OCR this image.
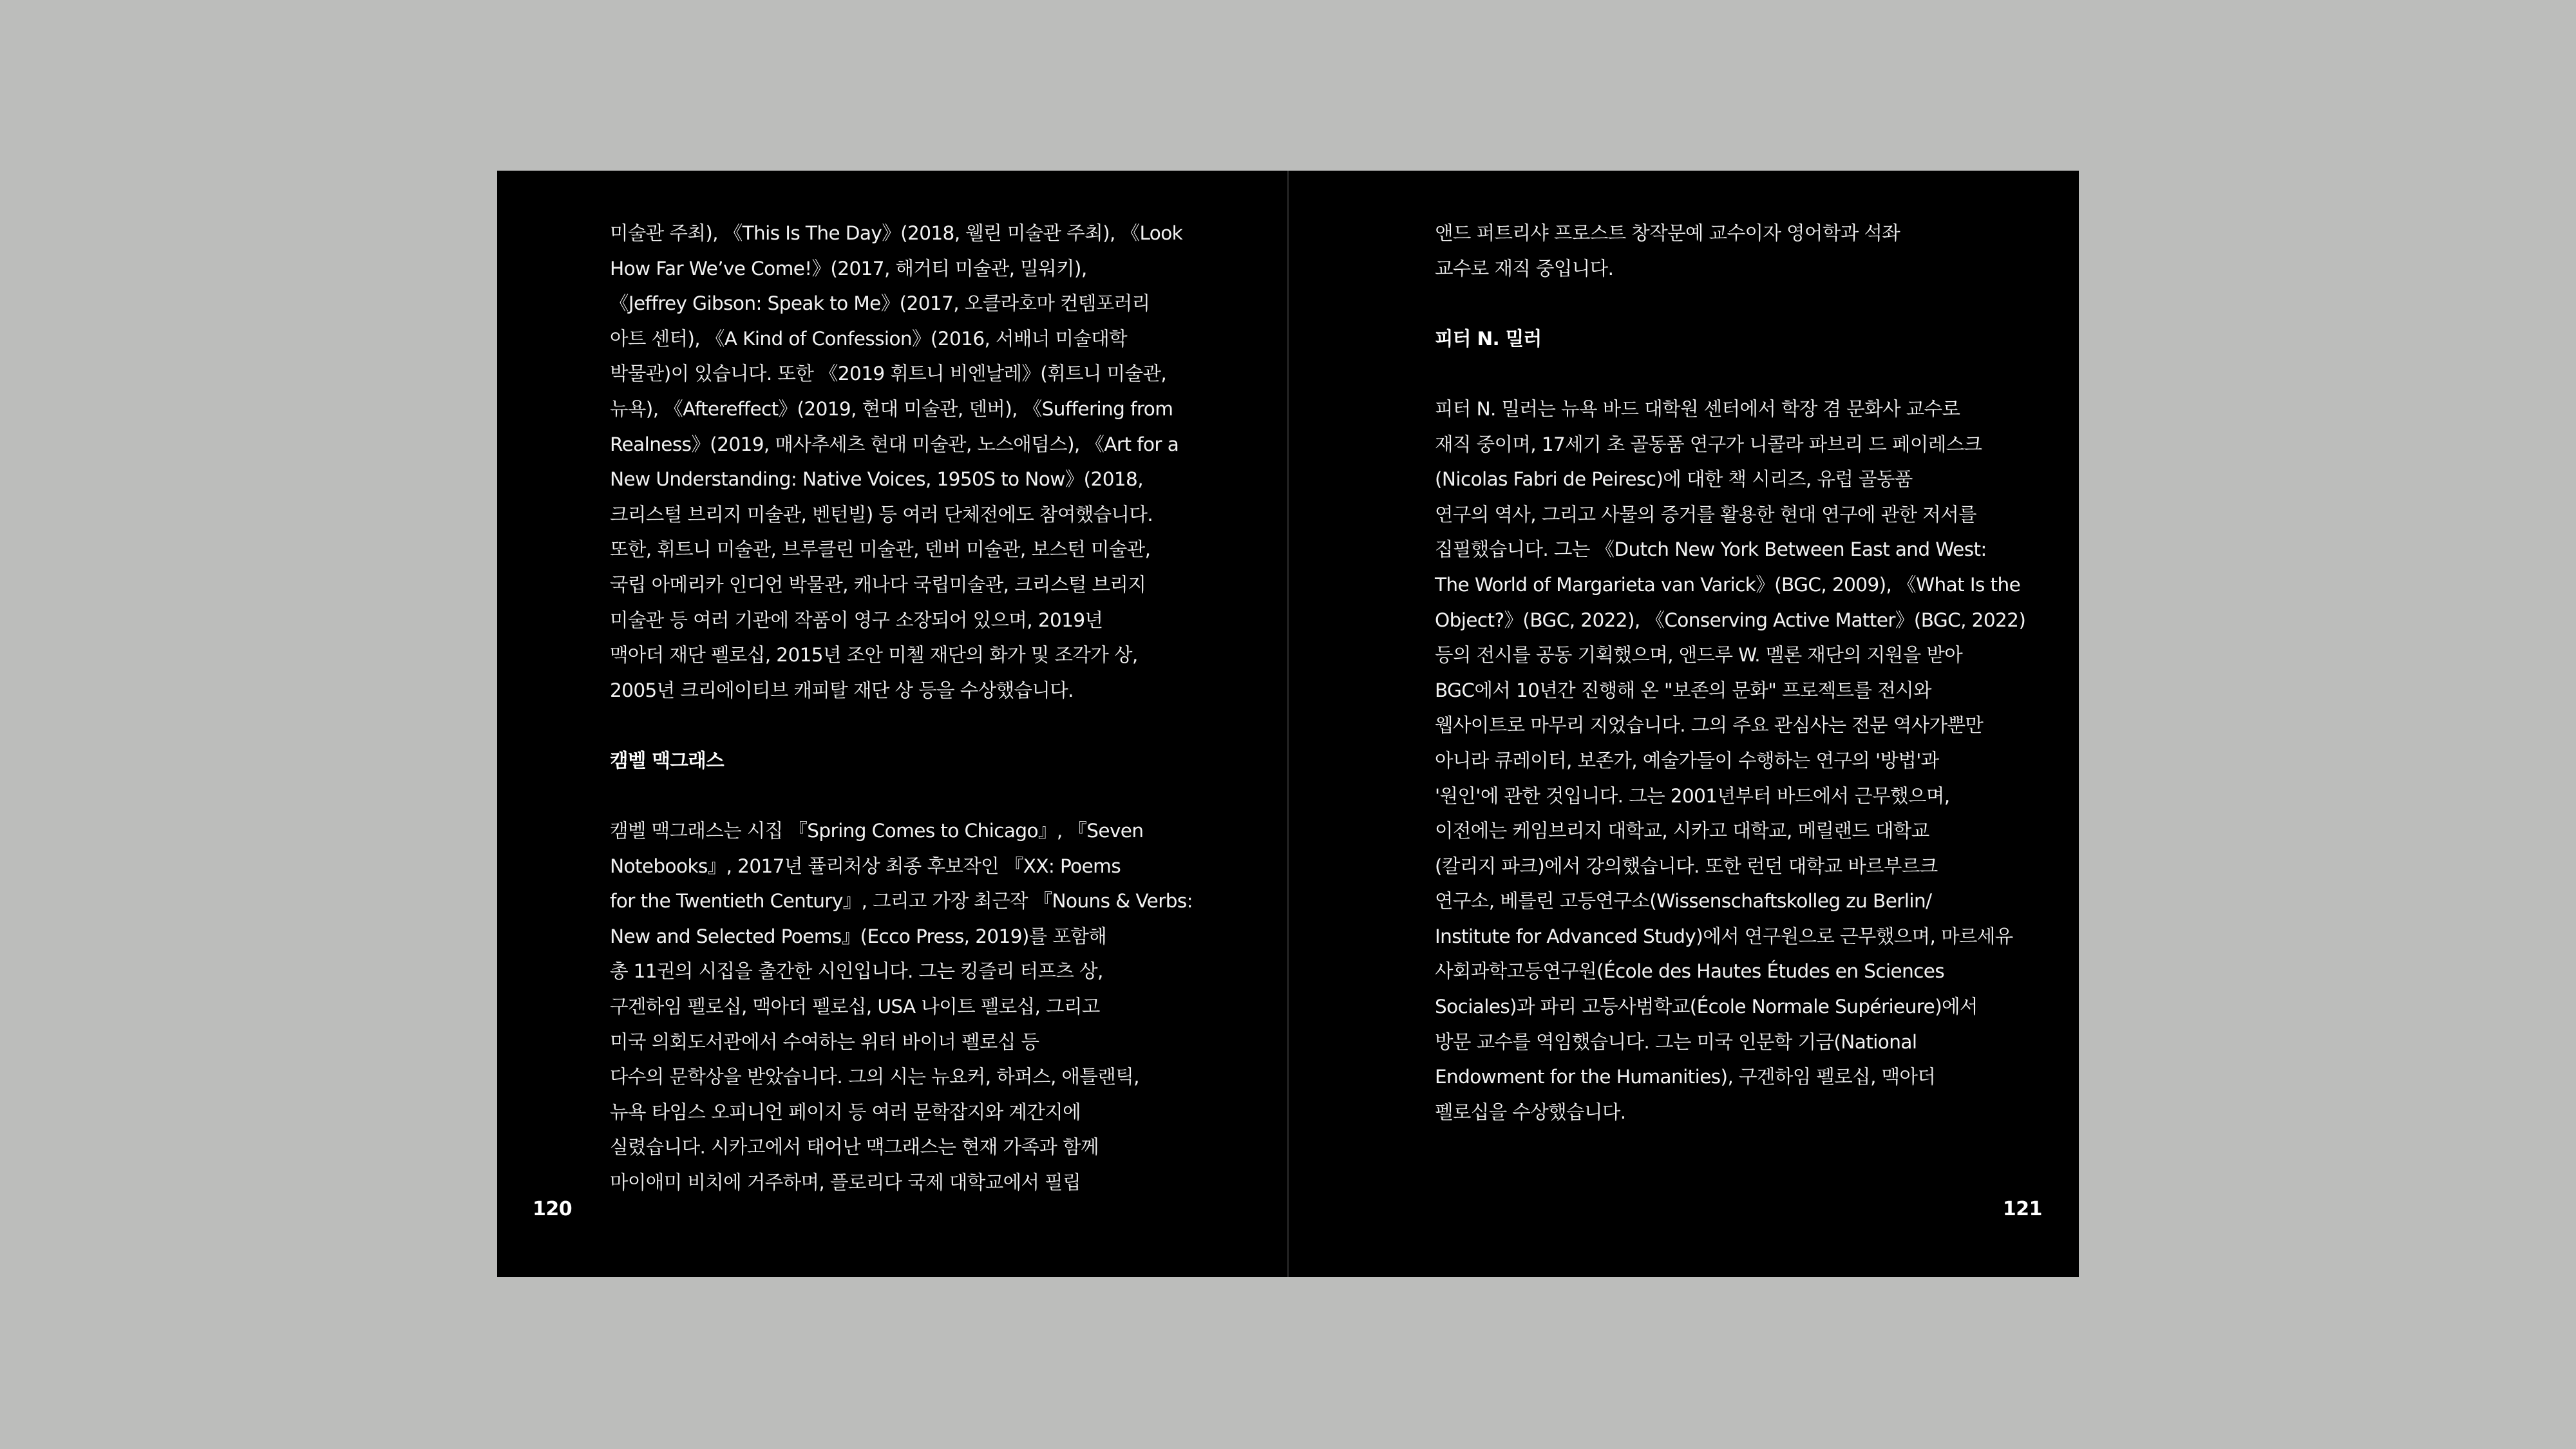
미술관 주최), 《This Is The Day》(2018, 웰린 미술관 주최), 《Look
How Far We’ve Come!》(2017, 해거티 미술관, 밀워키),
《Jeffrey Gibson: Speak to Me》(2017, 오클라호마 컨템포러리
아트 센터), 《A Kind of Confession》(2016, 서배너 미술대학
박물관)이 있습니다. 또한 《2019 휘트니 비엔날레》(휘트니 미술관,
뉴욕), 《Aftereffect》(2019, 현대 미술관, 덴버), 《Suffering from
Realness》(2019, 매사추세츠 현대 미술관, 노스애덤스), 《Art for a
New Understanding: Native Voices, 1950S to Now》(2018,
크리스털 브리지 미술관, 벤턴빌) 등 여러 단체전에도 참여했습니다.
또한, 휘트니 미술관, 브루클린 미술관, 덴버 미술관, 보스턴 미술관,
국립 아메리카 인디언 박물관, 캐나다 국립미술관, 크리스털 브리지
미술관 등 여러 기관에 작품이 영구 소장되어 있으며, 2019년
맥아더 재단 펠로십, 2015년 조안 미첼 재단의 화가 및 조각가 상,
2005년 크리에이티브 캐피탈 재단 상 등을 수상했습니다.
캠벨 맥그래스
캠벨 맥그래스는 시집 『Spring Comes to Chicago』, 『Seven
Notebooks』, 2017년 퓰리처상 최종 후보작인 『XX: Poems
for the Twentieth Century』, 그리고 가장 최근작 『Nouns & Verbs:
New and Selected Poems』(Ecco Press, 2019)를 포함해
총 11권의 시집을 출간한 시인입니다. 그는 킹즐리 터프츠 상,
구겐하임 펠로십, 맥아더 펠로십, USA 나이트 펠로십, 그리고
미국 의회도서관에서 수여하는 위터 바이너 펠로십 등
다수의 문학상을 받았습니다. 그의 시는 뉴요커, 하퍼스, 애틀랜틱,
뉴욕 타임스 오피니언 페이지 등 여러 문학잡지와 계간지에
실렸습니다. 시카고에서 태어난 맥그래스는 현재 가족과 함께
마이애미 비치에 거주하며, 플로리다 국제 대학교에서 필립
120
앤드 퍼트리샤 프로스트 창작문예 교수이자 영어학과 석좌
교수로 재직 중입니다.
피터 N. 밀러
피터 N. 밀러는 뉴욕 바드 대학원 센터에서 학장 겸 문화사 교수로
재직 중이며, 17세기 초 골동품 연구가 니콜라 파브리 드 페이레스크
(Nicolas Fabri de Peiresc)에 대한 책 시리즈, 유럽 골동품
연구의 역사, 그리고 사물의 증거를 활용한 현대 연구에 관한 저서를
집필했습니다. 그는 《Dutch New York Between East and West:
The World of Margarieta van Varick》(BGC, 2009), 《What Is the
Object?》(BGC, 2022), 《Conserving Active Matter》(BGC, 2022)
등의 전시를 공동 기획했으며, 앤드루 W. 멜론 재단의 지원을 받아
BGC에서 10년간 진행해 온 "보존의 문화" 프로젝트를 전시와
웹사이트로 마무리 지었습니다. 그의 주요 관심사는 전문 역사가뿐만
아니라 큐레이터, 보존가, 예술가들이 수행하는 연구의 '방법'과
'원인'에 관한 것입니다. 그는 2001년부터 바드에서 근무했으며,
이전에는 케임브리지 대학교, 시카고 대학교, 메릴랜드 대학교
(칼리지 파크)에서 강의했습니다. 또한 런던 대학교 바르부르크
연구소, 베를린 고등연구소(Wissenschaftskolleg zu Berlin/
Institute for Advanced Study)에서 연구원으로 근무했으며, 마르세유
사회과학고등연구원(École des Hautes Études en Sciences
Sociales)과 파리 고등사범학교(École Normale Supérieure)에서
방문 교수를 역임했습니다. 그는 미국 인문학 기금(National
Endowment for the Humanities), 구겐하임 펠로십, 맥아더
펠로십을 수상했습니다.
121
